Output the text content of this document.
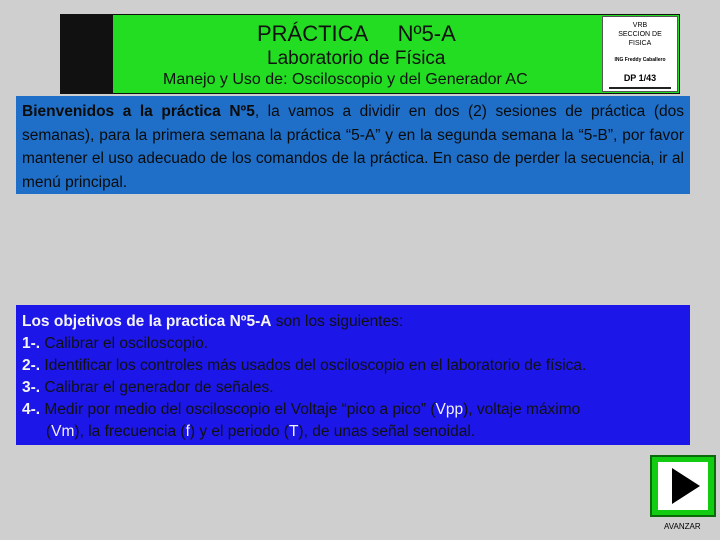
PRÁCTICA     Nº5-A
Laboratorio de Física
Manejo y Uso de: Osciloscopio y del Generador AC
VRB
SECCION DE
FISICA
ING Freddy Caballero
DP 1/43
Bienvenidos a la práctica Nº5, la vamos a dividir en dos (2) sesiones de práctica (dos semanas), para la primera semana la práctica “5-A” y en la segunda semana la “5-B”, por favor mantener el uso adecuado de los comandos de la práctica. En caso de perder la secuencia, ir al menú principal.
Los objetivos de la practica Nº5-A son los siguientes:
1-. Calibrar el osciloscopio.
2-. Identificar los controles más usados del osciloscopio en el laboratorio de física.
3-. Calibrar el generador de señales.
4-. Medir por medio del osciloscopio el Voltaje “pico a pico” (Vpp), voltaje máximo
(Vm), la frecuencia (f) y el periodo (T), de unas señal senoidal.
AVANZAR
